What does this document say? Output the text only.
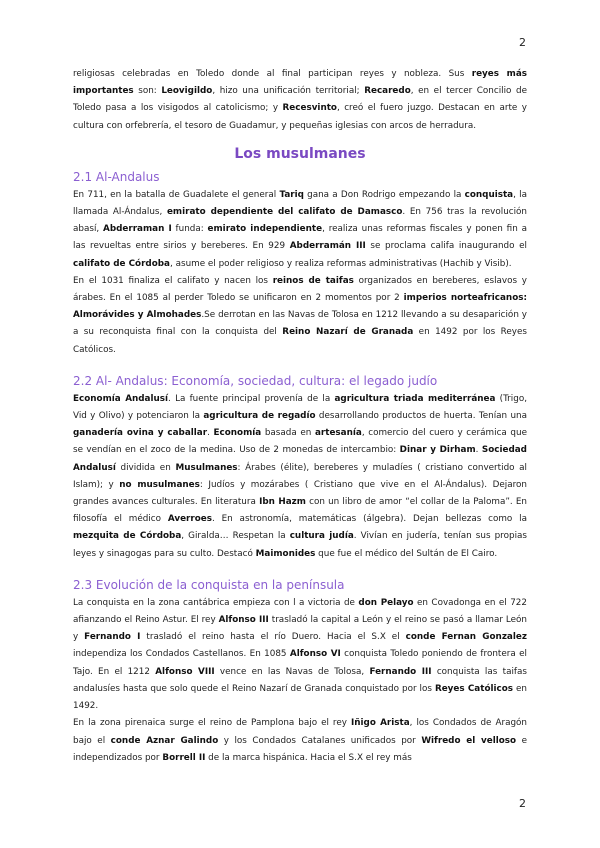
2

religiosas celebradas en Toledo donde al final participan reyes y nobleza. Sus reyes más importantes son: Leovigildo, hizo una unificación territorial; Recaredo, en el tercer Concilio de Toledo pasa a los visigodos al catolicismo; y Recesvinto, creó el fuero juzgo. Destacan en arte y cultura con orfebrería, el tesoro de Guadamur, y pequeñas iglesias con arcos de herradura.

Los musulmanes
2.1 Al-Andalus

En 711, en la batalla de Guadalete el general Tariq gana a Don Rodrigo empezando la conquista, la llamada Al-Ándalus, emirato dependiente del califato de Damasco. En 756 tras la revolución abasí, Abderraman I funda: emirato independiente, realiza unas reformas fiscales y ponen fin a las revueltas entre sirios y bereberes. En 929 Abderramán III se proclama califa inaugurando el califato de Córdoba, asume el poder religioso y realiza reformas administrativas (Hachib y Visib).

En el 1031 finaliza el califato y nacen los reinos de taifas organizados en bereberes, eslavos y árabes. En el 1085 al perder Toledo se unificaron en 2 momentos por 2 imperios norteafricanos: Almorávides y Almohades.Se derrotan en las Navas de Tolosa en 1212 llevando a su desaparición y a su reconquista final con la conquista del Reino Nazarí de Granada en 1492 por los Reyes Católicos.

2.2 Al- Andalus: Economía, sociedad, cultura: el legado judío

Economía Andalusí. La fuente principal provenía de la agricultura triada mediterránea (Trigo, Vid y Olivo) y potenciaron la agricultura de regadío desarrollando productos de huerta. Tenían una ganadería ovina y caballar. Economía basada en artesanía, comercio del cuero y cerámica que se vendían en el zoco de la medina. Uso de 2 monedas de intercambio: Dinar y Dirham. Sociedad Andalusí dividida en Musulmanes: Árabes (élite), bereberes y muladíes ( cristiano convertido al Islam); y no musulmanes: Judíos y mozárabes ( Cristiano que vive en el Al-Ándalus). Dejaron grandes avances culturales. En literatura Ibn Hazm con un libro de amor “el collar de la Paloma”. En filosofía el médico Averroes. En astronomía, matemáticas (álgebra). Dejan bellezas como la mezquita de Córdoba, Giralda… Respetan la cultura judía. Vivían en judería, tenían sus propias leyes y sinagogas para su culto. Destacó Maimonides que fue el médico del Sultán de El Cairo.

2.3 Evolución de la conquista en la península

La conquista en la zona cantábrica empieza con l a victoria de don Pelayo en Covadonga en el 722 afianzando el Reino Astur. El rey Alfonso III trasladó la capital a León y el reino se pasó a llamar León y Fernando I trasladó el reino hasta el río Duero. Hacia el S.X el conde Fernan Gonzalez independiza los Condados Castellanos. En 1085 Alfonso VI conquista Toledo poniendo de frontera el Tajo. En el 1212 Alfonso VIII vence en las Navas de Tolosa, Fernando III conquista las taifas andalusíes hasta que solo quede el Reino Nazarí de Granada conquistado por los Reyes Católicos en 1492.

En la zona pirenaica surge el reino de Pamplona bajo el rey Iñigo Arista, los Condados de Aragón bajo el conde Aznar Galindo y los Condados Catalanes unificados por Wifredo el velloso e independizados por Borrell II de la marca hispánica. Hacia el S.X el rey más

2
